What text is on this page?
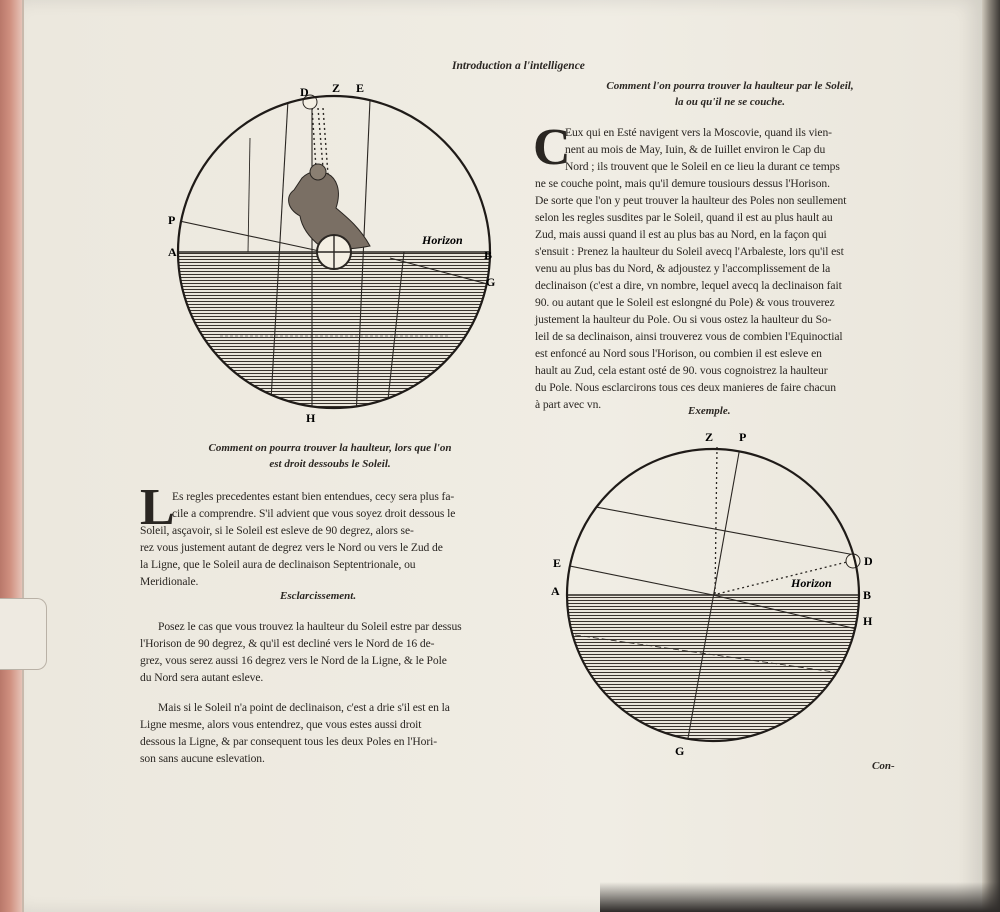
Introduction a l'intelligence
Comment l'on pourra trouver la haulteur par le Soleil,
la ou qu'il ne se couche.
C
Eux qui en Esté navigent vers la Moscovie, quand ils vien-
nent au mois de May, Iuin, & de Iuillet environ le Cap du
Nord ; ils trouvent que le Soleil en ce lieu la durant ce temps
ne se couche point, mais qu'il demure tousiours dessus l'Horison.
De sorte que l'on y peut trouver la haulteur des Poles non seullement
selon les regles susdites par le Soleil, quand il est au plus hault au
Zud, mais aussi quand il est au plus bas au Nord, en la façon qui
s'ensuit : Prenez la haulteur du Soleil avecq l'Arbaleste, lors qu'il est
venu au plus bas du Nord, & adjoustez y l'accomplissement de la
declinaison (c'est a dire, vn nombre, lequel avecq la declinaison fait
90. ou autant que le Soleil est eslongné du Pole) & vous trouverez
justement la haulteur du Pole. Ou si vous ostez la haulteur du So-
leil de sa declinaison, ainsi trouverez vous de combien l'Equinoctial
est enfoncé au Nord sous l'Horison, ou combien il est esleve en
hault au Zud, cela estant osté de 90. vous cognoistrez la haulteur
du Pole. Nous esclarcirons tous ces deux manieres de faire chacun
à part avec vn.	Exemple.
Comment on pourra trouver la haulteur, lors que l'on
est droit dessoubs le Soleil.
L
Es regles precedentes estant bien entendues, cecy sera plus fa-
cile a comprendre. S'il advient que vous soyez droit dessous le
Soleil, asçavoir, si le Soleil est esleve de 90 degrez, alors se-
rez vous justement autant de degrez vers le Nord ou vers le Zud de
la Ligne, que le Soleil aura de declinaison Septentrionale, ou
Meridionale.
Esclarcissement.
Posez le cas que vous trouvez la haulteur du Soleil estre par dessus
l'Horison de 90 degrez, & qu'il est decliné vers le Nord de 16 de-
grez, vous serez aussi 16 degrez vers le Nord de la Ligne, & le Pole
du Nord sera autant esleve.
Mais si le Soleil n'a point de declinaison, c'est a drie s'il est en la
Ligne mesme, alors vous entendrez, que vous estes aussi droit
dessous la Ligne, & par consequent tous les deux Poles en l'Hori-
son sans aucune eslevation.
Con-
D Z E
P
A	B
G
H
Horizon
Z P
E
A
D
B
H
G
Horizon
